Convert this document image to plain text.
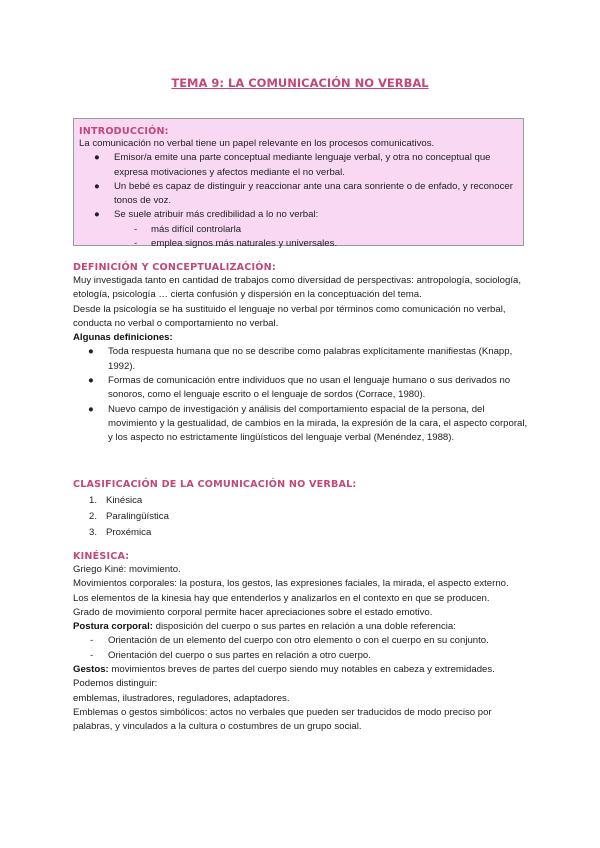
TEMA 9: LA COMUNICACIÓN NO VERBAL
INTRODUCCIÓN:

La comunicación no verbal tiene un papel relevante en los procesos comunicativos.

● Emisor/a emite una parte conceptual mediante lenguaje verbal, y otra no conceptual que expresa motivaciones y afectos mediante el no verbal.
● Un bebé es capaz de distinguir y reaccionar ante una cara sonriente o de enfado, y reconocer tonos de voz.
● Se suele atribuir más credibilidad a lo no verbal:
- más difícil controlarla
- emplea signos más naturales y universales.
DEFINICIÓN Y CONCEPTUALIZACIÓN:

Muy investigada tanto en cantidad de trabajos como diversidad de perspectivas: antropología, sociología, etología, psicología … cierta confusión y dispersión en la conceptuación del tema.

Desde la psicología se ha sustituido el lenguaje no verbal por términos como comunicación no verbal, conducta no verbal o comportamiento no verbal.

Algunas definiciones:
● Toda respuesta humana que no se describe como palabras explícitamente manifiestas (Knapp, 1992).
● Formas de comunicación entre individuos que no usan el lenguaje humano o sus derivados no sonoros, como el lenguaje escrito o el lenguaje de sordos (Corrace, 1980).
● Nuevo campo de investigación y análisis del comportamiento espacial de la persona, del movimiento y la gestualidad, de cambios en la mirada, la expresión de la cara, el aspecto corporal, y los aspecto no estrictamente lingüísticos del lenguaje verbal (Menéndez, 1988).
CLASIFICACIÓN DE LA COMUNICACIÓN NO VERBAL:
1. Kinésica
2. Paralingüística
3. Proxémica
KINÉSICA:

Griego Kiné: movimiento.

Movimientos corporales: la postura, los gestos, las expresiones faciales, la mirada, el aspecto externo.

Los elementos de la kinesia hay que entenderlos y analizarlos en el contexto en que se producen.

Grado de movimiento corporal permite hacer apreciaciones sobre el estado emotivo.

Postura corporal: disposición del cuerpo o sus partes en relación a una doble referencia:

- Orientación de un elemento del cuerpo con otro elemento o con el cuerpo en su conjunto.
- Orientación del cuerpo o sus partes en relación a otro cuerpo.

Gestos: movimientos breves de partes del cuerpo siendo muy notables en cabeza y extremidades. Podemos distinguir:

emblemas, ilustradores, reguladores, adaptadores.

Emblemas o gestos simbólicos: actos no verbales que pueden ser traducidos de modo preciso por palabras, y vinculados a la cultura o costumbres de un grupo social.
